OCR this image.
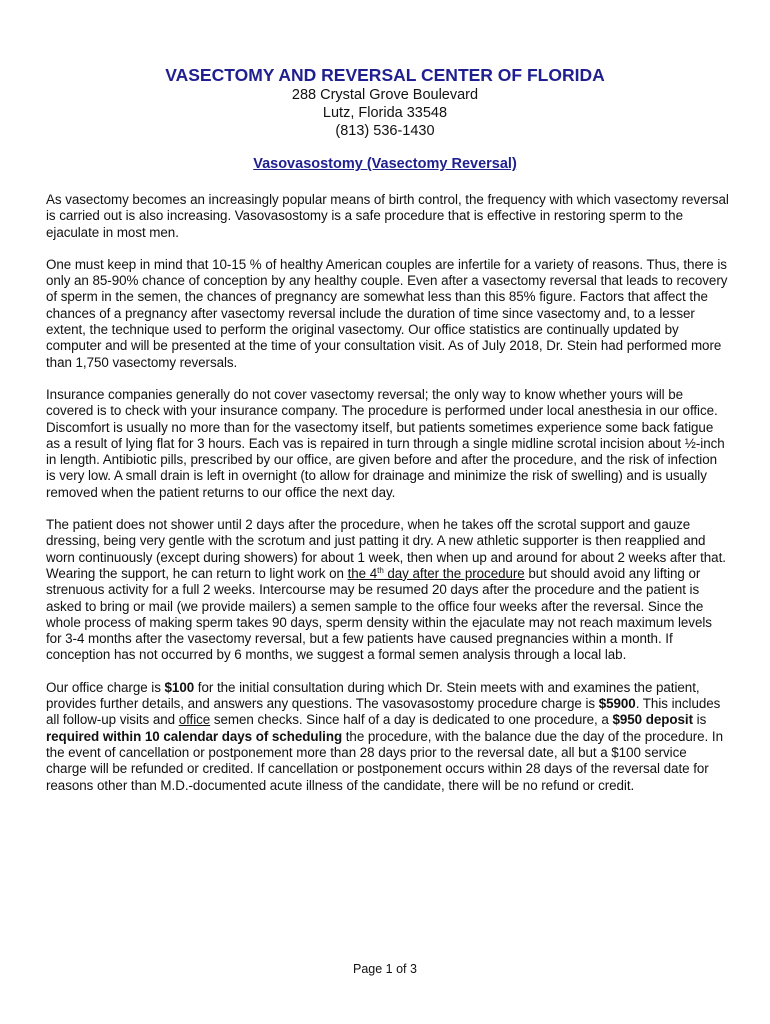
VASECTOMY AND REVERSAL CENTER OF FLORIDA
288 Crystal Grove Boulevard
Lutz, Florida 33548
(813) 536-1430
Vasovasostomy (Vasectomy Reversal)

As vasectomy becomes an increasingly popular means of birth control, the frequency with which vasectomy reversal is carried out is also increasing. Vasovasostomy is a safe procedure that is effective in restoring sperm to the ejaculate in most men.

One must keep in mind that 10-15 % of healthy American couples are infertile for a variety of reasons. Thus, there is only an 85-90% chance of conception by any healthy couple. Even after a vasectomy reversal that leads to recovery of sperm in the semen, the chances of pregnancy are somewhat less than this 85% figure. Factors that affect the chances of a pregnancy after vasectomy reversal include the duration of time since vasectomy and, to a lesser extent, the technique used to perform the original vasectomy. Our office statistics are continually updated by computer and will be presented at the time of your consultation visit. As of July 2018, Dr. Stein had performed more than 1,750 vasectomy reversals.

Insurance companies generally do not cover vasectomy reversal; the only way to know whether yours will be covered is to check with your insurance company. The procedure is performed under local anesthesia in our office. Discomfort is usually no more than for the vasectomy itself, but patients sometimes experience some back fatigue as a result of lying flat for 3 hours. Each vas is repaired in turn through a single midline scrotal incision about ½-inch in length. Antibiotic pills, prescribed by our office, are given before and after the procedure, and the risk of infection is very low. A small drain is left in overnight (to allow for drainage and minimize the risk of swelling) and is usually removed when the patient returns to our office the next day.

The patient does not shower until 2 days after the procedure, when he takes off the scrotal support and gauze dressing, being very gentle with the scrotum and just patting it dry. A new athletic supporter is then reapplied and worn continuously (except during showers) for about 1 week, then when up and around for about 2 weeks after that. Wearing the support, he can return to light work on the 4th day after the procedure but should avoid any lifting or strenuous activity for a full 2 weeks. Intercourse may be resumed 20 days after the procedure and the patient is asked to bring or mail (we provide mailers) a semen sample to the office four weeks after the reversal. Since the whole process of making sperm takes 90 days, sperm density within the ejaculate may not reach maximum levels for 3-4 months after the vasectomy reversal, but a few patients have caused pregnancies within a month. If conception has not occurred by 6 months, we suggest a formal semen analysis through a local lab.

Our office charge is $100 for the initial consultation during which Dr. Stein meets with and examines the patient, provides further details, and answers any questions. The vasovasostomy procedure charge is $5900. This includes all follow-up visits and office semen checks. Since half of a day is dedicated to one procedure, a $950 deposit is required within 10 calendar days of scheduling the procedure, with the balance due the day of the procedure. In the event of cancellation or postponement more than 28 days prior to the reversal date, all but a $100 service charge will be refunded or credited. If cancellation or postponement occurs within 28 days of the reversal date for reasons other than M.D.-documented acute illness of the candidate, there will be no refund or credit.

Page 1 of 3
